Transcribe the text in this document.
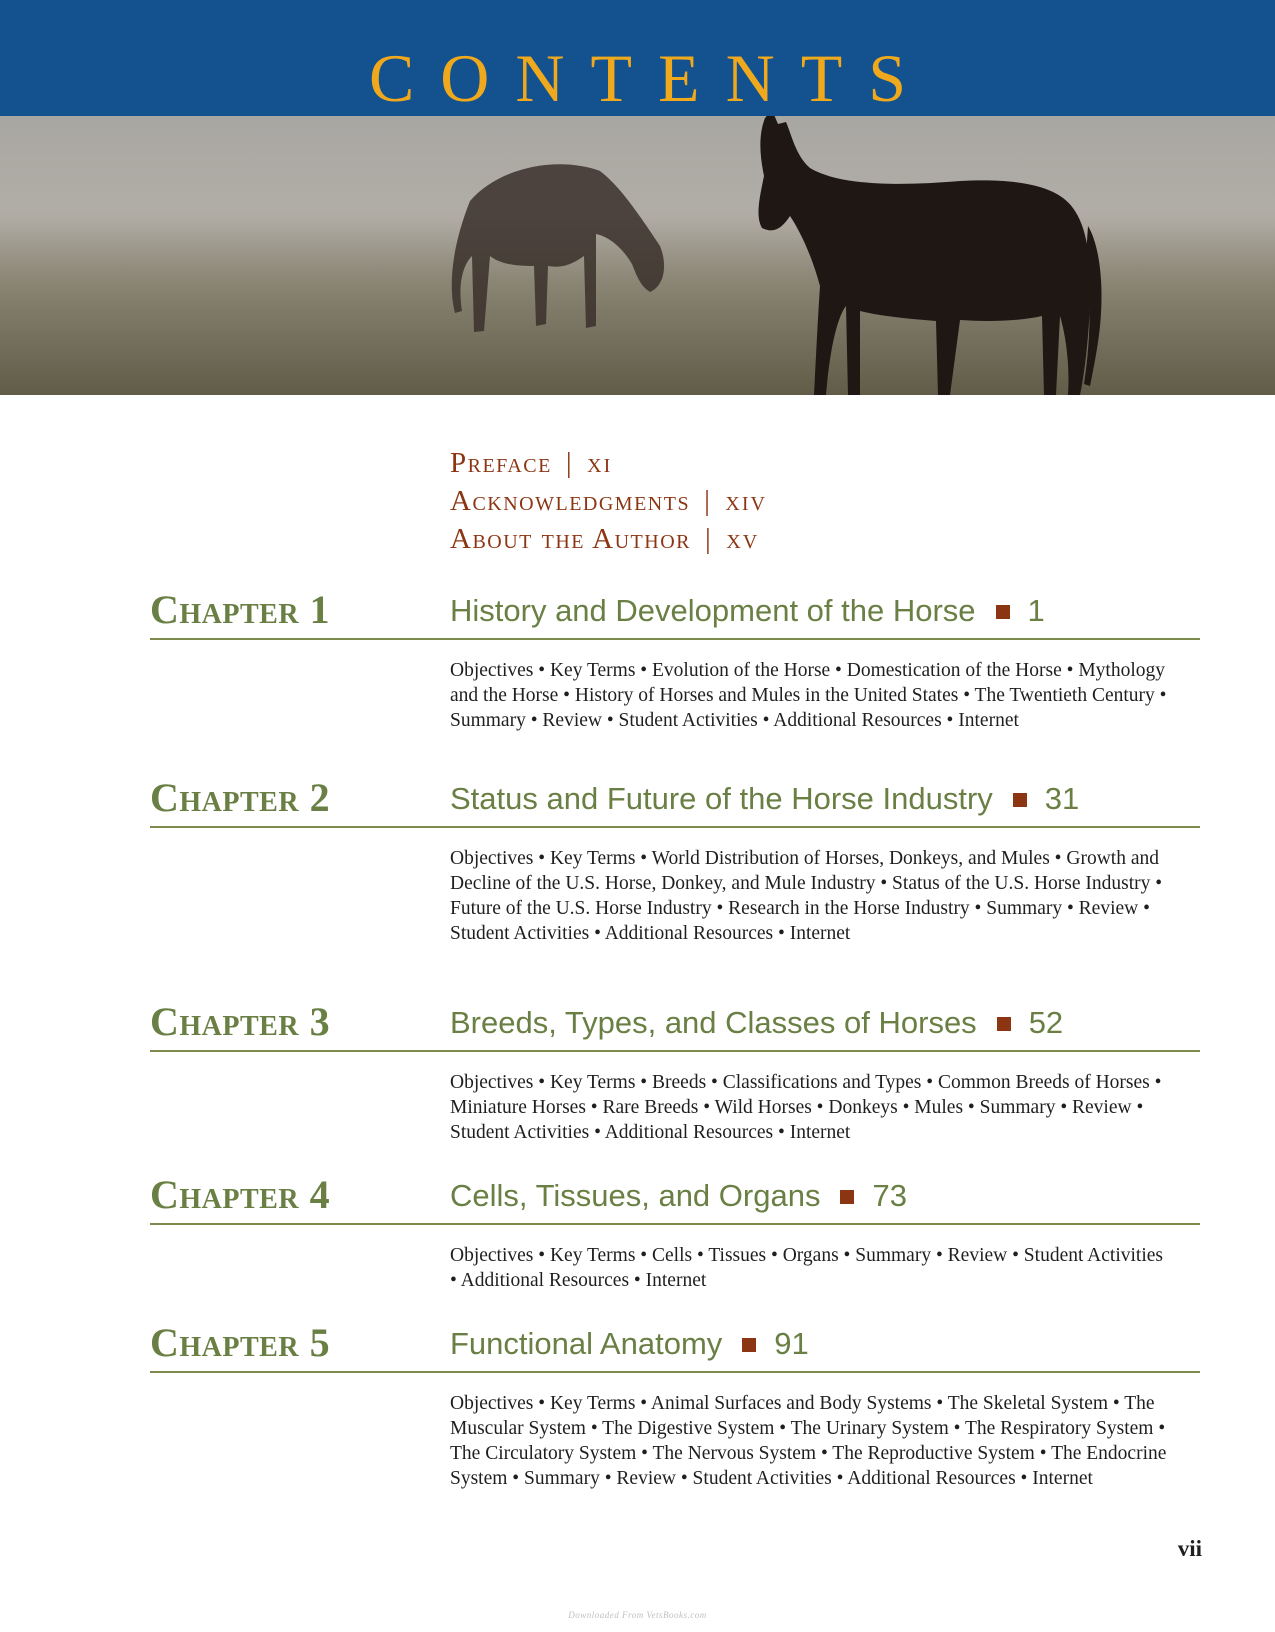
CONTENTS
Preface | xi
Acknowledgments | xiv
About the Author | xv
Chapter 1	History and Development of the Horse 1
Objectives • Key Terms • Evolution of the Horse • Domestication of the Horse • Mythology and the Horse • History of Horses and Mules in the United States • The Twentieth Century • Summary • Review • Student Activities • Additional Resources • Internet
Chapter 2	Status and Future of the Horse Industry 31
Objectives • Key Terms • World Distribution of Horses, Donkeys, and Mules • Growth and Decline of the U.S. Horse, Donkey, and Mule Industry • Status of the U.S. Horse Industry • Future of the U.S. Horse Industry • Research in the Horse Industry • Summary • Review • Student Activities • Additional Resources • Internet
Chapter 3	Breeds, Types, and Classes of Horses 52
Objectives • Key Terms • Breeds • Classifications and Types • Common Breeds of Horses • Miniature Horses • Rare Breeds • Wild Horses • Donkeys • Mules • Summary • Review • Student Activities • Additional Resources • Internet
Chapter 4	Cells, Tissues, and Organs 73
Objectives • Key Terms • Cells • Tissues • Organs • Summary • Review • Student Activities • Additional Resources • Internet
Chapter 5	Functional Anatomy 91
Objectives • Key Terms • Animal Surfaces and Body Systems • The Skeletal System • The Muscular System • The Digestive System • The Urinary System • The Respiratory System • The Circulatory System • The Nervous System • The Reproductive System • The Endocrine System • Summary • Review • Student Activities • Additional Resources • Internet
vii
Downloaded From VetsBooks.com
